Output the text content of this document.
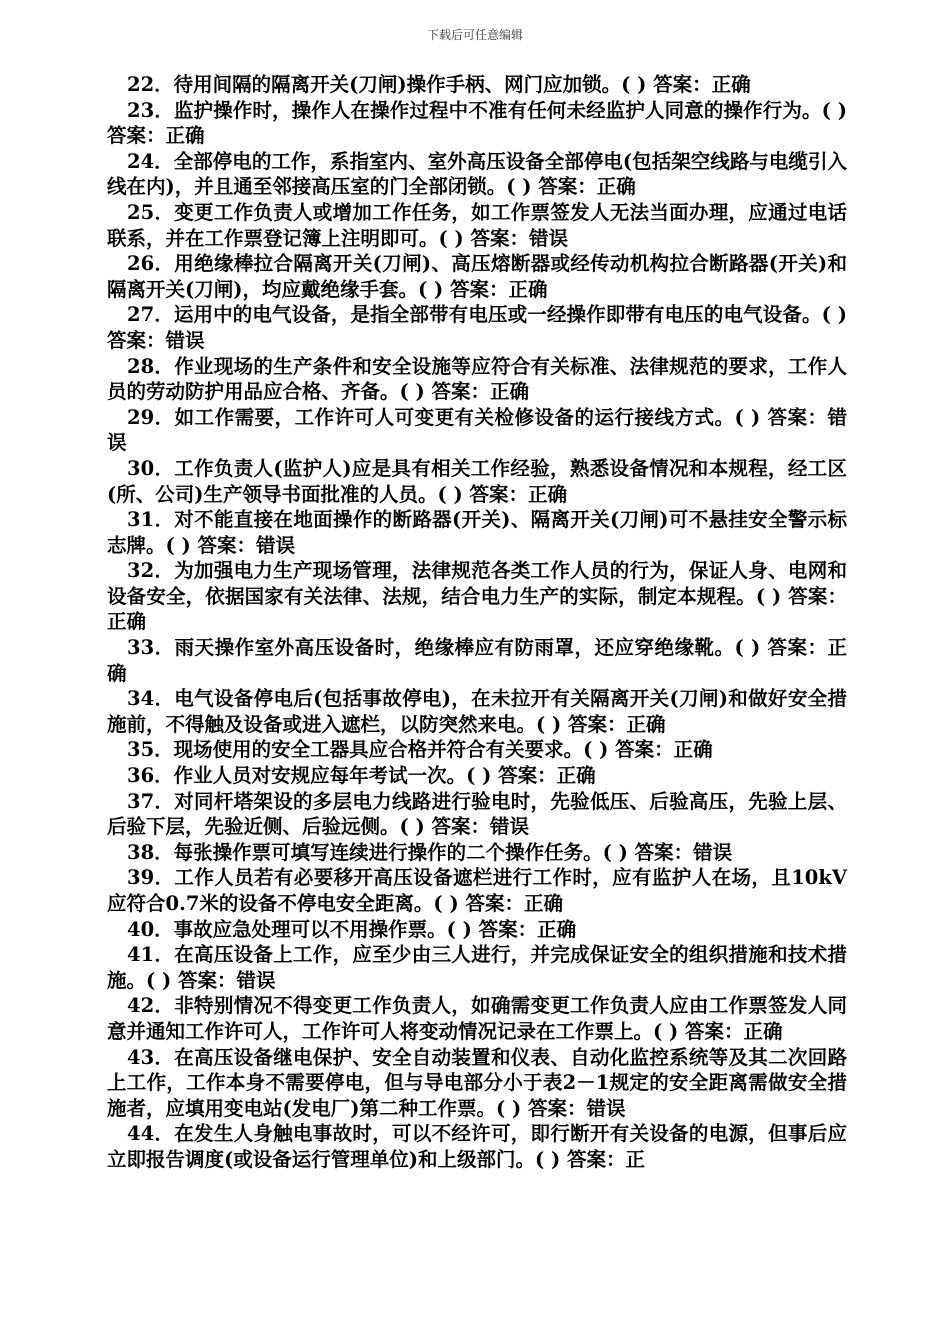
下载后可任意编辑

22．待用间隔的隔离开关(刀闸)操作手柄、网门应加锁。( ) 答案：正确

23．监护操作时，操作人在操作过程中不准有任何未经监护人同意的操作行为。( ) 答案：正确

24．全部停电的工作，系指室内、室外高压设备全部停电(包括架空线路与电缆引入线在内)，并且通至邻接高压室的门全部闭锁。( ) 答案：正确

25．变更工作负责人或增加工作任务，如工作票签发人无法当面办理，应通过电话联系，并在工作票登记簿上注明即可。( ) 答案：错误

26．用绝缘棒拉合隔离开关(刀闸)、高压熔断器或经传动机构拉合断路器(开关)和隔离开关(刀闸)，均应戴绝缘手套。( ) 答案：正确

27．运用中的电气设备，是指全部带有电压或一经操作即带有电压的电气设备。( ) 答案：错误

28．作业现场的生产条件和安全设施等应符合有关标准、法律规范的要求，工作人员的劳动防护用品应合格、齐备。( ) 答案：正确

29．如工作需要，工作许可人可变更有关检修设备的运行接线方式。( ) 答案：错误

30．工作负责人(监护人)应是具有相关工作经验，熟悉设备情况和本规程，经工区(所、公司)生产领导书面批准的人员。( ) 答案：正确

31．对不能直接在地面操作的断路器(开关)、隔离开关(刀闸)可不悬挂安全警示标志牌。( ) 答案：错误

32．为加强电力生产现场管理，法律规范各类工作人员的行为，保证人身、电网和设备安全，依据国家有关法律、法规，结合电力生产的实际，制定本规程。( ) 答案：正确

33．雨天操作室外高压设备时，绝缘棒应有防雨罩，还应穿绝缘靴。( ) 答案：正确

34．电气设备停电后(包括事故停电)，在未拉开有关隔离开关(刀闸)和做好安全措施前，不得触及设备或进入遮栏，以防突然来电。( ) 答案：正确

35．现场使用的安全工器具应合格并符合有关要求。( ) 答案：正确

36．作业人员对安规应每年考试一次。( ) 答案：正确

37．对同杆塔架设的多层电力线路进行验电时，先验低压、后验高压，先验上层、后验下层，先验近侧、后验远侧。( ) 答案：错误

38．每张操作票可填写连续进行操作的二个操作任务。( ) 答案：错误

39．工作人员若有必要移开高压设备遮栏进行工作时，应有监护人在场，且10kV应符合0.7米的设备不停电安全距离。( ) 答案：正确

40．事故应急处理可以不用操作票。( ) 答案：正确

41．在高压设备上工作，应至少由三人进行，并完成保证安全的组织措施和技术措施。( ) 答案：错误

42．非特别情况不得变更工作负责人，如确需变更工作负责人应由工作票签发人同意并通知工作许可人，工作许可人将变动情况记录在工作票上。( ) 答案：正确

43．在高压设备继电保护、安全自动装置和仪表、自动化监控系统等及其二次回路上工作，工作本身不需要停电，但与导电部分小于表2－1规定的安全距离需做安全措施者，应填用变电站(发电厂)第二种工作票。( ) 答案：错误

44．在发生人身触电事故时，可以不经许可，即行断开有关设备的电源，但事后应立即报告调度(或设备运行管理单位)和上级部门。( ) 答案：正
